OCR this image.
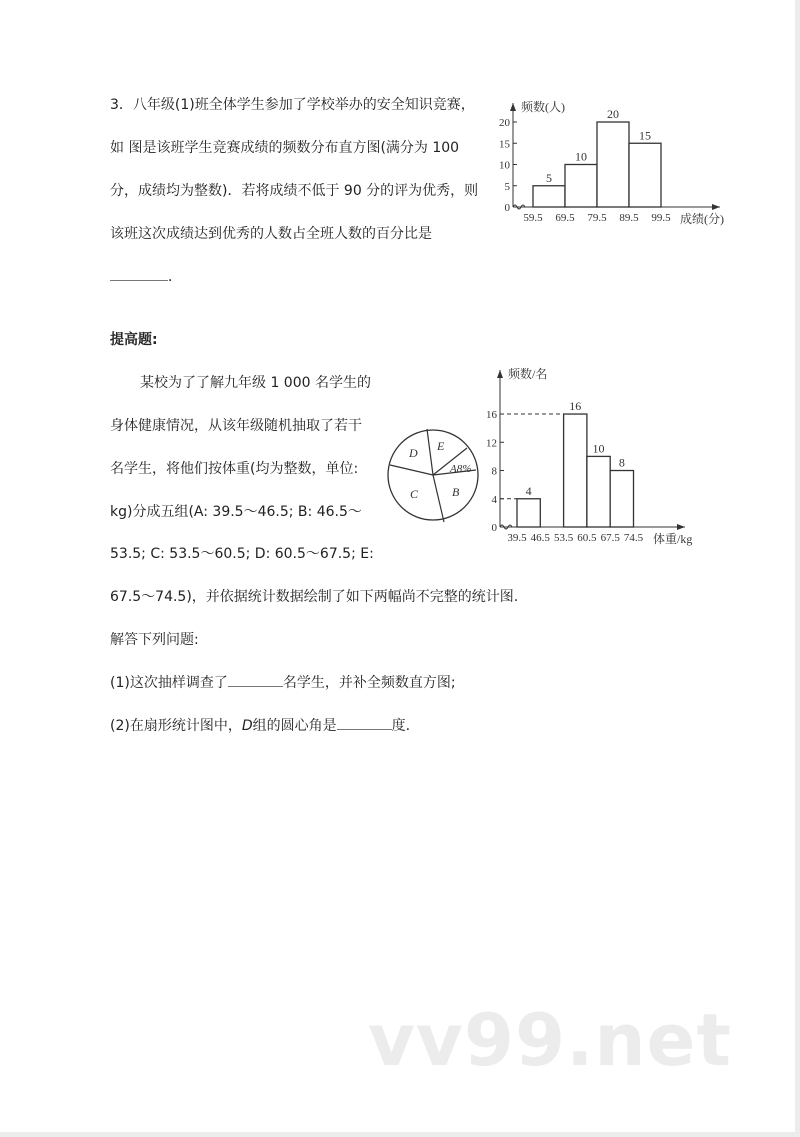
3．八年级(1)班全体学生参加了学校举办的安全知识竞赛，
如 图是该班学生竞赛成绩的频数分布直方图(满分为 100
分，成绩均为整数)．若将成绩不低于 90 分的评为优秀，则
该班这次成绩达到优秀的人数占全班人数的百分比是
．
提高题:
某校为了了解九年级 1 000 名学生的
身体健康情况，从该年级随机抽取了若干
名学生，将他们按体重(均为整数，单位:
kg)分成五组(A: 39.5～46.5; B: 46.5～
53.5; C: 53.5～60.5; D: 60.5～67.5; E:
67.5～74.5)，并依据统计数据绘制了如下两幅尚不完整的统计图.
解答下列问题:
(1)这次抽样调查了	名学生，并补全频数直方图;
(2)在扇形统计图中，D组的圆心角是	度.
0
5
10
15
20
59.5 69.5 79.5 89.5 99.5
5
10
20
15
频数(人)
成绩(分)
E
D
C	B
A8%
0
4
8
12
16
39.5 46.5 53.5 60.5 67.5 74.5
4
16
10
8
频数/名
体重/kg
vv99.net
